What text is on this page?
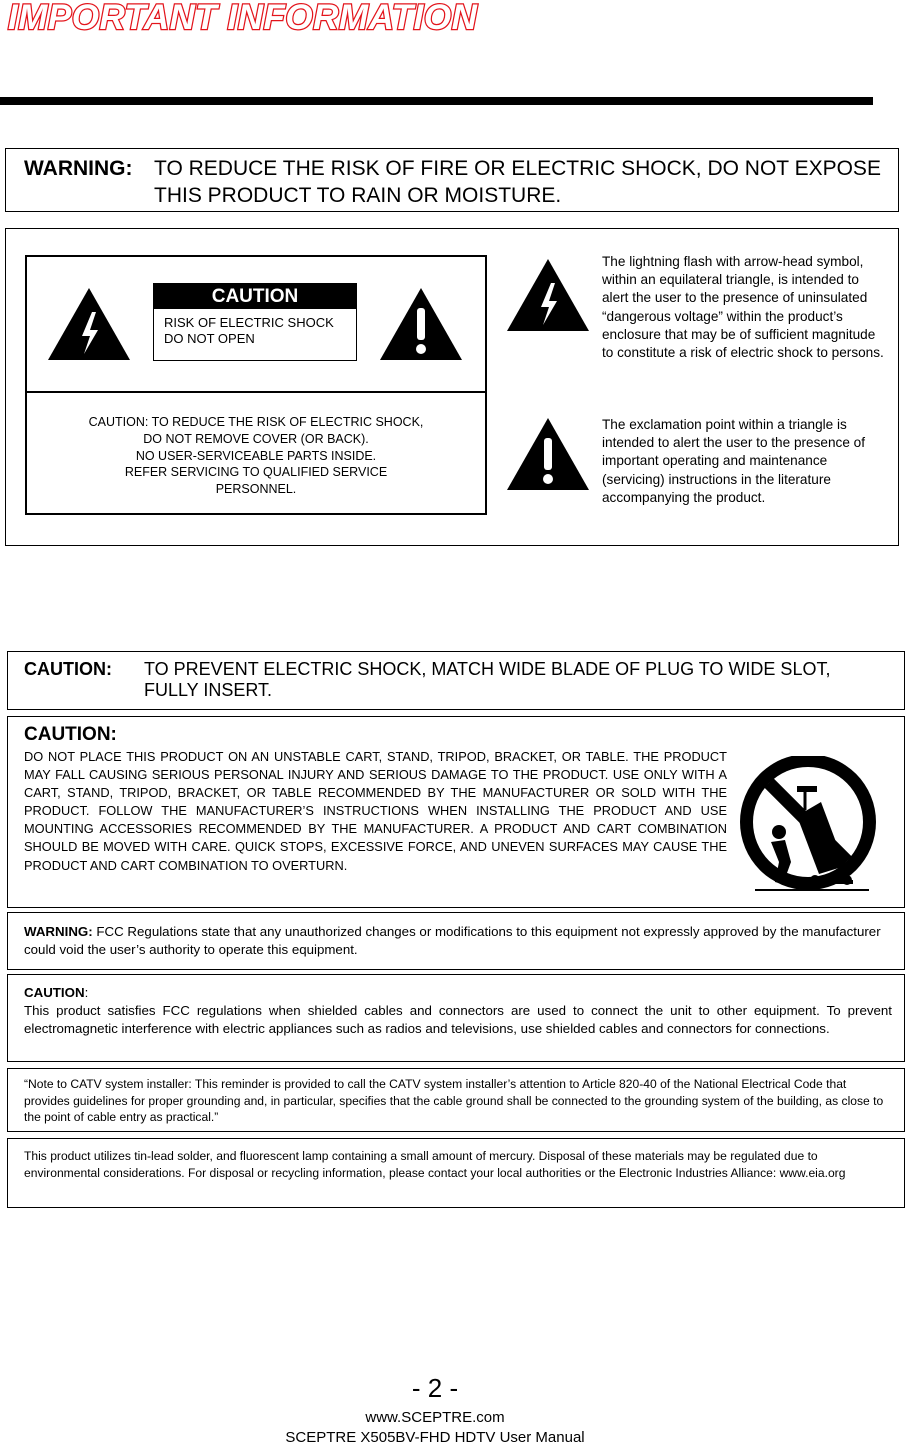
IMPORTANT INFORMATION
WARNING: TO REDUCE THE RISK OF FIRE OR ELECTRIC SHOCK, DO NOT EXPOSE THIS PRODUCT TO RAIN OR MOISTURE.
CAUTION
RISK OF ELECTRIC SHOCK
DO NOT OPEN
CAUTION: TO REDUCE THE RISK OF ELECTRIC SHOCK,
DO NOT REMOVE COVER (OR BACK).
NO USER-SERVICEABLE PARTS INSIDE.
REFER SERVICING TO QUALIFIED SERVICE
PERSONNEL.
The lightning flash with arrow-head symbol, within an equilateral triangle, is intended to alert the user to the presence of uninsulated “dangerous voltage” within the product’s enclosure that may be of sufficient magnitude to constitute a risk of electric shock to persons.
The exclamation point within a triangle is intended to alert the user to the presence of important operating and maintenance (servicing) instructions in the literature accompanying the product.
CAUTION: TO PREVENT ELECTRIC SHOCK, MATCH WIDE BLADE OF PLUG TO WIDE SLOT, FULLY INSERT.
CAUTION:
DO NOT PLACE THIS PRODUCT ON AN UNSTABLE CART, STAND, TRIPOD, BRACKET, OR TABLE. THE PRODUCT MAY FALL CAUSING SERIOUS PERSONAL INJURY AND SERIOUS DAMAGE TO THE PRODUCT. USE ONLY WITH A CART, STAND, TRIPOD, BRACKET, OR TABLE RECOMMENDED BY THE MANUFACTURER OR SOLD WITH THE PRODUCT. FOLLOW THE MANUFACTURER’S INSTRUCTIONS WHEN INSTALLING THE PRODUCT AND USE MOUNTING ACCESSORIES RECOMMENDED BY THE MANUFACTURER. A PRODUCT AND CART COMBINATION SHOULD BE MOVED WITH CARE. QUICK STOPS, EXCESSIVE FORCE, AND UNEVEN SURFACES MAY CAUSE THE PRODUCT AND CART COMBINATION TO OVERTURN.
WARNING: FCC Regulations state that any unauthorized changes or modifications to this equipment not expressly approved by the manufacturer could void the user’s authority to operate this equipment.
CAUTION:
This product satisfies FCC regulations when shielded cables and connectors are used to connect the unit to other equipment. To prevent electromagnetic interference with electric appliances such as radios and televisions, use shielded cables and connectors for connections.
“Note to CATV system installer: This reminder is provided to call the CATV system installer’s attention to Article 820-40 of the National Electrical Code that provides guidelines for proper grounding and, in particular, specifies that the cable ground shall be connected to the grounding system of the building, as close to the point of cable entry as practical.”
This product utilizes tin-lead solder, and fluorescent lamp containing a small amount of mercury. Disposal of these materials may be regulated due to environmental considerations. For disposal or recycling information, please contact your local authorities or the Electronic Industries Alliance: www.eia.org
- 2 -
www.SCEPTRE.com
SCEPTRE X505BV-FHD HDTV User Manual
